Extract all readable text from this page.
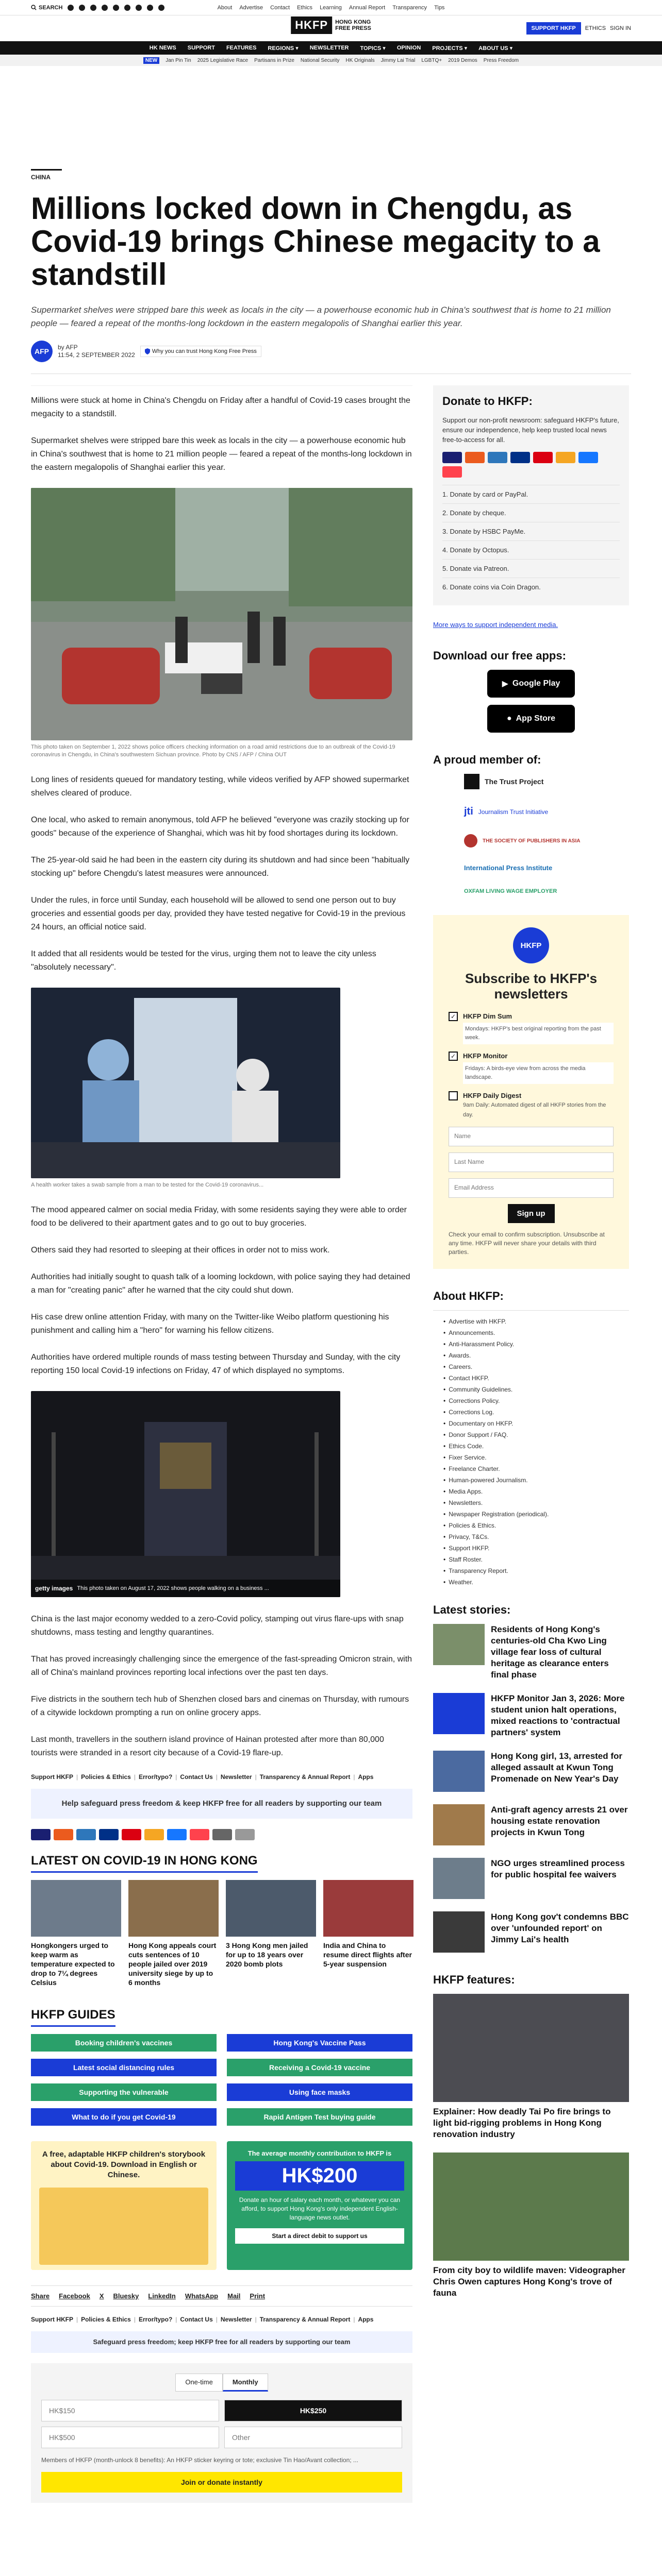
SEARCH	About Advertise Contact Ethics Learning Annual Report Transparency Tips
HKFP	HONG KONG
FREE PRESS	SUPPORT HKFP	ETHICS SIGN IN
HK NEWS SUPPORT FEATURES REGIONS ▾ NEWSLETTER TOPICS ▾ OPINION PROJECTS ▾ ABOUT US ▾
NEW	Jan Pin Tin 2025 Legislative Race Partisans in Prize National Security HK Originals Jimmy Lai Trial LGBTQ+ 2019 Demos Press Freedom
CHINA
Millions locked down in Chengdu, as Covid-19 brings Chinese megacity to a standstill

Supermarket shelves were stripped bare this week as locals in the city — a powerhouse economic hub in China's southwest that is home to 21 million people — feared a repeat of the months-long lockdown in the eastern megalopolis of Shanghai earlier this year.

AFP	by AFP
11:54, 2 SEPTEMBER 2022	Why you can trust Hong Kong Free Press

Millions were stuck at home in China's Chengdu on Friday after a handful of Covid-19 cases brought the megacity to a standstill.

Supermarket shelves were stripped bare this week as locals in the city — a powerhouse economic hub in China's southwest that is home to 21 million people — feared a repeat of the months-long lockdown in the eastern megalopolis of Shanghai earlier this year.

This photo taken on September 1, 2022 shows police officers checking information on a road amid restrictions due to an outbreak of the Covid-19 coronavirus in Chengdu, in China's southwestern Sichuan province. Photo by CNS / AFP / China OUT

Long lines of residents queued for mandatory testing, while videos verified by AFP showed supermarket shelves cleared of produce.

One local, who asked to remain anonymous, told AFP he believed "everyone was crazily stocking up for goods" because of the experience of Shanghai, which was hit by food shortages during its lockdown.

The 25-year-old said he had been in the eastern city during its shutdown and had since been "habitually stocking up" before Chengdu's latest measures were announced.

Under the rules, in force until Sunday, each household will be allowed to send one person out to buy groceries and essential goods per day, provided they have tested negative for Covid-19 in the previous 24 hours, an official notice said.

It added that all residents would be tested for the virus, urging them not to leave the city unless "absolutely necessary".

A health worker takes a swab sample from a man to be tested for the Covid-19 coronavirus...

The mood appeared calmer on social media Friday, with some residents saying they were able to order food to be delivered to their apartment gates and to go out to buy groceries.

Others said they had resorted to sleeping at their offices in order not to miss work.

Authorities had initially sought to quash talk of a looming lockdown, with police saying they had detained a man for "creating panic" after he warned that the city could shut down.

His case drew online attention Friday, with many on the Twitter-like Weibo platform questioning his punishment and calling him a "hero" for warning his fellow citizens.

Authorities have ordered multiple rounds of mass testing between Thursday and Sunday, with the city reporting 150 local Covid-19 infections on Friday, 47 of which displayed no symptoms.

getty images This photo taken on August 17, 2022 shows people walking on a business ...

China is the last major economy wedded to a zero-Covid policy, stamping out virus flare-ups with snap shutdowns, mass testing and lengthy quarantines.

That has proved increasingly challenging since the emergence of the fast-spreading Omicron strain, with all of China's mainland provinces reporting local infections over the past ten days.

Five districts in the southern tech hub of Shenzhen closed bars and cinemas on Thursday, with rumours of a citywide lockdown prompting a run on online grocery apps.

Last month, travellers in the southern island province of Hainan protested after more than 80,000 tourists were stranded in a resort city because of a Covid-19 flare-up.

Support HKFP | Policies & Ethics | Error/typo? | Contact Us | Newsletter | Transparency & Annual Report | Apps
Help safeguard press freedom & keep HKFP free for all readers by supporting our team
LATEST ON COVID-19 IN HONG KONG
Hongkongers urged to keep warm as temperature expected to drop to 7¼ degrees Celsius
Hong Kong appeals court cuts sentences of 10 people jailed over 2019 university siege by up to 6 months
3 Hong Kong men jailed for up to 18 years over 2020 bomb plots
India and China to resume direct flights after 5-year suspension
HKFP GUIDES
Booking children's vaccines	Hong Kong's Vaccine Pass
Latest social distancing rules	Receiving a Covid-19 vaccine
Supporting the vulnerable	Using face masks
What to do if you get Covid-19	Rapid Antigen Test buying guide
A free, adaptable HKFP children's storybook about Covid-19. Download in English or Chinese.
The average monthly contribution to HKFP is
HK$200
Donate an hour of salary each month, or whatever you can afford, to support Hong Kong's only independent English-language news outlet.
Start a direct debit to support us
Share Facebook X Bluesky LinkedIn WhatsApp Mail Print
Support HKFP | Policies & Ethics | Error/typo? | Contact Us | Newsletter | Transparency & Annual Report | Apps
Safeguard press freedom; keep HKFP free for all readers by supporting our team
One-time	Monthly
HK$150	HK$250
HK$500	Other

Members of HKFP (month-unlock 8 benefits): An HKFP sticker keyring or tote; exclusive Tin Hao/Avant collection; ...

Join or donate instantly
Donate to HKFP:

Support our non-profit newsroom: safeguard HKFP's future, ensure our independence, help keep trusted local news free-to-access for all.

1. Donate by card or PayPal.
2. Donate by cheque.
3. Donate by HSBC PayMe.
4. Donate by Octopus.
5. Donate via Patreon.
6. Donate coins via Coin Dragon.
More ways to support independent media.
Download our free apps:
▶ Google Play
● App Store
A proud member of:
The Trust Project
jti Journalism Trust Initiative
THE SOCIETY OF PUBLISHERS IN ASIA
International Press Institute
OXFAM LIVING WAGE EMPLOYER
HKFP
Subscribe to HKFP's newsletters
✓	HKFP Dim Sum
Mondays: HKFP's best original reporting from the past week.
✓	HKFP Monitor
Fridays: A birds-eye view from across the media landscape.
HKFP Daily Digest
9am Daily: Automated digest of all HKFP stories from the day.
Name
Last Name
Email Address
Sign up

Check your email to confirm subscription. Unsubscribe at any time. HKFP will never share your details with third parties.

About HKFP:
• Advertise with HKFP.
• Announcements.
• Anti-Harassment Policy.
• Awards.
• Careers.
• Contact HKFP.
• Community Guidelines.
• Corrections Policy.
• Corrections Log.
• Documentary on HKFP.
• Donor Support / FAQ.
• Ethics Code.
• Fixer Service.
• Freelance Charter.
• Human-powered Journalism.
• Media Apps.
• Newsletters.
• Newspaper Registration (periodical).
• Policies & Ethics.
• Privacy, T&Cs.
• Support HKFP.
• Staff Roster.
• Transparency Report.
• Weather.
Latest stories:
Residents of Hong Kong's centuries-old Cha Kwo Ling village fear loss of cultural heritage as clearance enters final phase
HKFP Monitor Jan 3, 2026: More student union halt operations, mixed reactions to 'contractual partners' system
Hong Kong girl, 13, arrested for alleged assault at Kwun Tong Promenade on New Year's Day
Anti-graft agency arrests 21 over housing estate renovation projects in Kwun Tong
NGO urges streamlined process for public hospital fee waivers
Hong Kong gov't condemns BBC over 'unfounded report' on Jimmy Lai's health
HKFP features:
Explainer: How deadly Tai Po fire brings to light bid-rigging problems in Hong Kong renovation industry
From city boy to wildlife maven: Videographer Chris Owen captures Hong Kong's trove of fauna
